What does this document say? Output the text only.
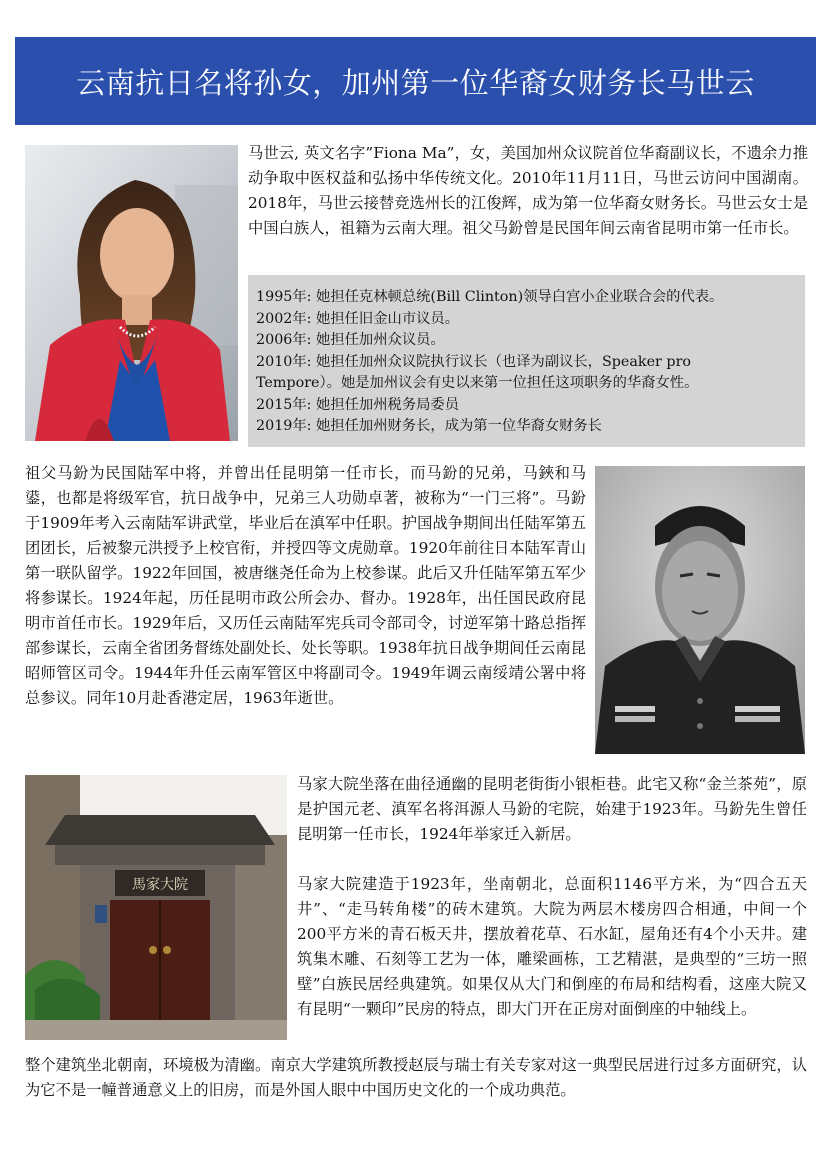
云南抗日名将孙女，加州第一位华裔女财务长马世云
马世云, 英文名字”Fiona Ma”，女，美国加州众议院首位华裔副议长，不遗余力推动争取中医权益和弘扬中华传统文化。2010年11月11日，马世云访问中国湖南。2018年，马世云接替竞选州长的江俊辉，成为第一位华裔女财务长。马世云女士是中国白族人，祖籍为云南大理。祖父马鈖曾是民国年间云南省昆明市第一任市长。
1995年: 她担任克林顿总统(Bill Clinton)领导白宫小企业联合会的代表。
2002年: 她担任旧金山市议员。
2006年: 她担任加州众议员。
2010年: 她担任加州众议院执行议长（也译为副议长，Speaker pro
Tempore）。她是加州议会有史以来第一位担任这项职务的华裔女性。
2015年: 她担任加州税务局委员
2019年: 她担任加州财务长，成为第一位华裔女财务长
祖父马鈖为民国陆军中将，并曾出任昆明第一任市长，而马鈖的兄弟，马鋏和马鍙，也都是将级军官，抗日战争中，兄弟三人功勋卓著，被称为“一门三将”。马鈖于1909年考入云南陆军讲武堂，毕业后在滇军中任职。护国战争期间出任陆军第五团团长，后被黎元洪授予上校官衔，并授四等文虎勋章。1920年前往日本陆军青山第一联队留学。1922年回国，被唐继尧任命为上校参谋。此后又升任陆军第五军少将参谋长。1924年起，历任昆明市政公所会办、督办。1928年，出任国民政府昆明市首任市长。1929年后，又历任云南陆军宪兵司令部司令，讨逆军第十路总指挥部参谋长，云南全省团务督练处副处长、处长等职。1938年抗日战争期间任云南昆昭师管区司令。1944年升任云南军管区中将副司令。1949年调云南绥靖公署中将总参议。同年10月赴香港定居，1963年逝世。
馬家大院
马家大院坐落在曲径通幽的昆明老街街小银柜巷。此宅又称“金兰茶苑”，原是护国元老、滇军名将洱源人马鈖的宅院，始建于1923年。马鈖先生曾任昆明第一任市长，1924年举家迁入新居。
马家大院建造于1923年，坐南朝北，总面积1146平方米，为“四合五天井”、“走马转角楼”的砖木建筑。大院为两层木楼房四合相通，中间一个200平方米的青石板天井，摆放着花草、石水缸，屋角还有4个小天井。建筑集木雕、石刻等工艺为一体，雕梁画栋，工艺精湛，是典型的“三坊一照壁”白族民居经典建筑。如果仅从大门和倒座的布局和结构看，这座大院又有昆明“一颗印”民房的特点，即大门开在正房对面倒座的中轴线上。
整个建筑坐北朝南，环境极为清幽。南京大学建筑所教授赵辰与瑞士有关专家对这一典型民居进行过多方面研究，认为它不是一幢普通意义上的旧房，而是外国人眼中中国历史文化的一个成功典范。
